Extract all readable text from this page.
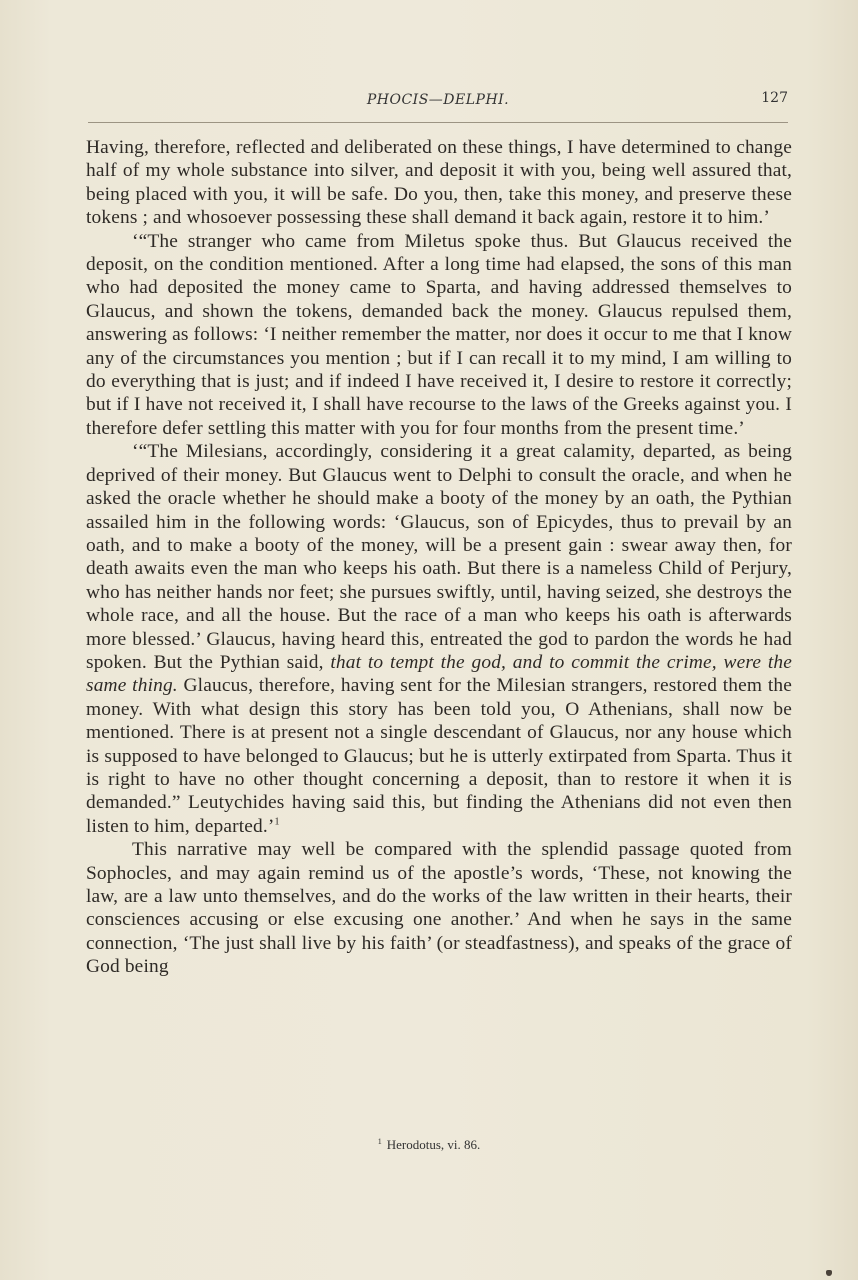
PHOCIS—DELPHI.	127

Having, therefore, reflected and deliberated on these things, I have determined to change half of my whole substance into silver, and deposit it with you, being well assured that, being placed with you, it will be safe. Do you, then, take this money, and preserve these tokens ; and whosoever possessing these shall demand it back again, restore it to him.’

‘“The stranger who came from Miletus spoke thus. But Glaucus received the deposit, on the condition mentioned. After a long time had elapsed, the sons of this man who had deposited the money came to Sparta, and having addressed themselves to Glaucus, and shown the tokens, demanded back the money. Glaucus repulsed them, answering as follows: ‘I neither remember the matter, nor does it occur to me that I know any of the circumstances you mention ; but if I can recall it to my mind, I am willing to do everything that is just; and if indeed I have received it, I desire to restore it correctly; but if I have not received it, I shall have recourse to the laws of the Greeks against you. I therefore defer settling this matter with you for four months from the present time.’

‘“The Milesians, accordingly, considering it a great calamity, departed, as being deprived of their money. But Glaucus went to Delphi to consult the oracle, and when he asked the oracle whether he should make a booty of the money by an oath, the Pythian assailed him in the following words: ‘Glaucus, son of Epicydes, thus to prevail by an oath, and to make a booty of the money, will be a present gain : swear away then, for death awaits even the man who keeps his oath. But there is a nameless Child of Perjury, who has neither hands nor feet; she pursues swiftly, until, having seized, she destroys the whole race, and all the house. But the race of a man who keeps his oath is afterwards more blessed.’ Glaucus, having heard this, entreated the god to pardon the words he had spoken. But the Pythian said, that to tempt the god, and to commit the crime, were the same thing. Glaucus, therefore, having sent for the Milesian strangers, restored them the money. With what design this story has been told you, O Athenians, shall now be mentioned. There is at present not a single descendant of Glaucus, nor any house which is supposed to have belonged to Glaucus; but he is utterly extirpated from Sparta. Thus it is right to have no other thought concerning a deposit, than to restore it when it is demanded.” Leutychides having said this, but finding the Athenians did not even then listen to him, departed.’$^1$

This narrative may well be compared with the splendid passage quoted from Sophocles, and may again remind us of the apostle’s words, ‘These, not knowing the law, are a law unto themselves, and do the works of the law written in their hearts, their consciences accusing or else excusing one another.’ And when he says in the same connection, ‘The just shall live by his faith’ (or steadfastness), and speaks of the grace of God being

$^1$ Herodotus, vi. 86.
